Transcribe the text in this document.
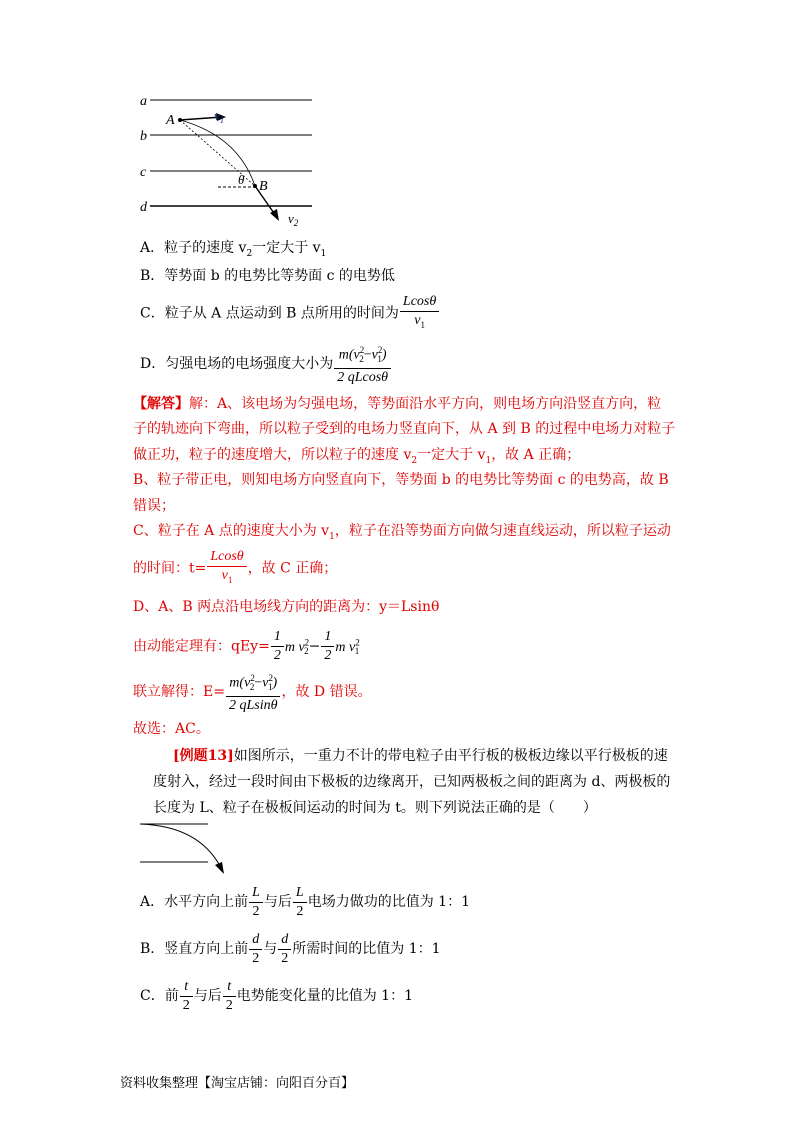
a
b
c
d
A
B
θ
$v_1$
$v_2$
A．粒子的速度 $v_2$一定大于 $v_1$
B．等势面 b 的电势比等势面 c 的电势低
C．粒子从 A 点运动到 B 点所用的时间为 $\frac{Lcos\theta}{v_1}$
D．匀强电场的电场强度大小为 $\frac{m(v^2_2-v^2_1)}{2 qLcos\theta}$
【解答】解：A、该电场为匀强电场，等势面沿水平方向，则电场方向沿竖直方向，粒
子的轨迹向下弯曲，所以粒子受到的电场力竖直向下，从 A 到 B 的过程中电场力对粒子
做正功，粒子的速度增大，所以粒子的速度 $v_2$一定大于 $v_1$，故 A 正确；
B、粒子带正电，则知电场方向竖直向下，等势面 b 的电势比等势面 c 的电势高，故 B
错误；
C、粒子在 A 点的速度大小为 $v_1$，粒子在沿等势面方向做匀速直线运动，所以粒子运动
的时间：$t= \frac{Lcos\theta}{v_1}$ ，故 C 正确；
D、A、B 两点沿电场线方向的距离为：y＝Lsinθ
由动能定理有：$qEy= \frac{1}{2}$ m $v^2_2- \frac{1}{2}$ m $v^2_1$
联立解得：$E= \frac{m(v^2_2-v^2_1)}{2 qLsin\theta}$ ，故 D 错误。
故选：AC。
[例题13]如图所示，一重力不计的带电粒子由平行板的极板边缘以平行极板的速
度射入，经过一段时间由下极板的边缘离开，已知两极板之间的距离为 d、两极板的
长度为 L、粒子在极板间运动的时间为 t。则下列说法正确的是（　　）
A．水平方向上前 $\frac{L}{2}$ 与后 $\frac{L}{2}$ 电场力做功的比值为 1：1
B．竖直方向上前 $\frac{d}{2}$ 与 $\frac{d}{2}$ 所需时间的比值为 1：1
C．前 $\frac{t}{2}$ 与后 $\frac{t}{2}$ 电势能变化量的比值为 1：1
资料收集整理【淘宝店铺：向阳百分百】
